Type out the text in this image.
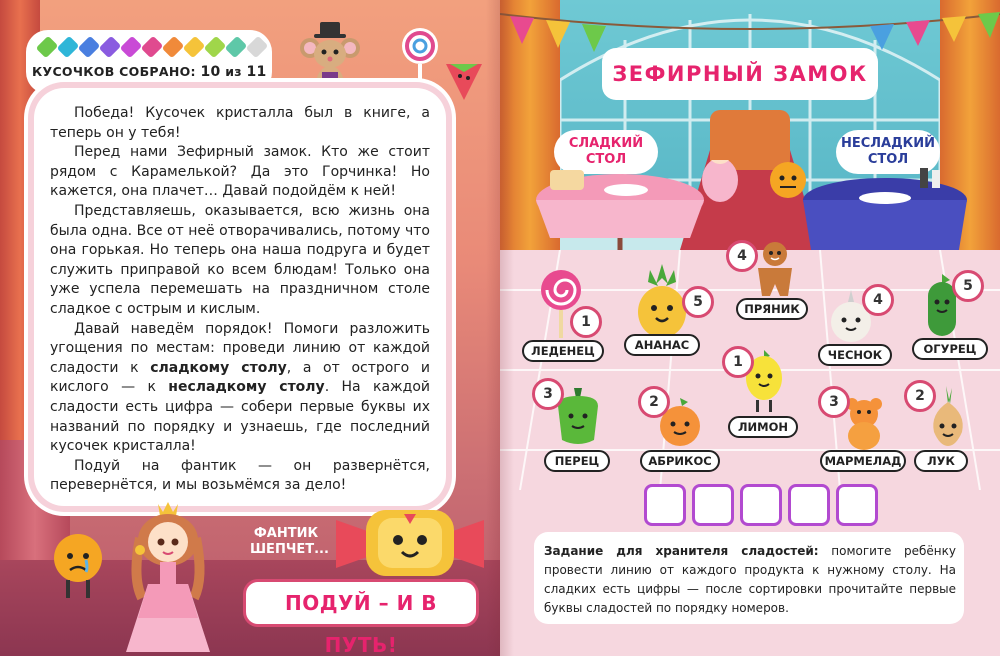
КУСОЧКОВ СОБРАНО: 10 из 11

Победа! Кусочек кристалла был в книге, а теперь он у тебя!

Перед нами Зефирный замок. Кто же стоит рядом с Карамелькой? Да это Горчинка! Но кажется, она плачет… Давай подойдём к ней!

Представляешь, оказывается, всю жизнь она была одна. Все от неё отворачивались, потому что она горькая. Но теперь она наша подруга и будет служить приправой ко всем блюдам! Только она уже успела перемешать на праздничном столе сладкое с острым и кислым.

Давай наведём порядок! Помоги разложить угощения по местам: проведи линию от каждой сладости к сладкому столу, а от острого и кислого — к несладкому столу. На каждой сладости есть цифра — собери первые буквы их названий по порядку и узнаешь, где последний кусочек кристалла!

Подуй на фантик — он развернётся, перевернётся, и мы возьмёмся за дело!

ФАНТИК ШЕПЧЕТ...
ПОДУЙ – И В ПУТЬ!
ЗЕФИРНЫЙ ЗАМОК
СЛАДКИЙ СТОЛ
НЕСЛАДКИЙ СТОЛ
1
ЛЕДЕНЕЦ
5
АНАНАС
4
ПРЯНИК
4
ЧЕСНОК
5
ОГУРЕЦ
1
ЛИМОН
3
ПЕРЕЦ
2
АБРИКОС
3
МАРМЕЛАД
2
ЛУК
Задание для хранителя сладостей: помогите ребёнку провести линию от каждого продукта к нужному столу. На сладких есть цифры — после сортировки прочитайте первые буквы сладостей по порядку номеров.
